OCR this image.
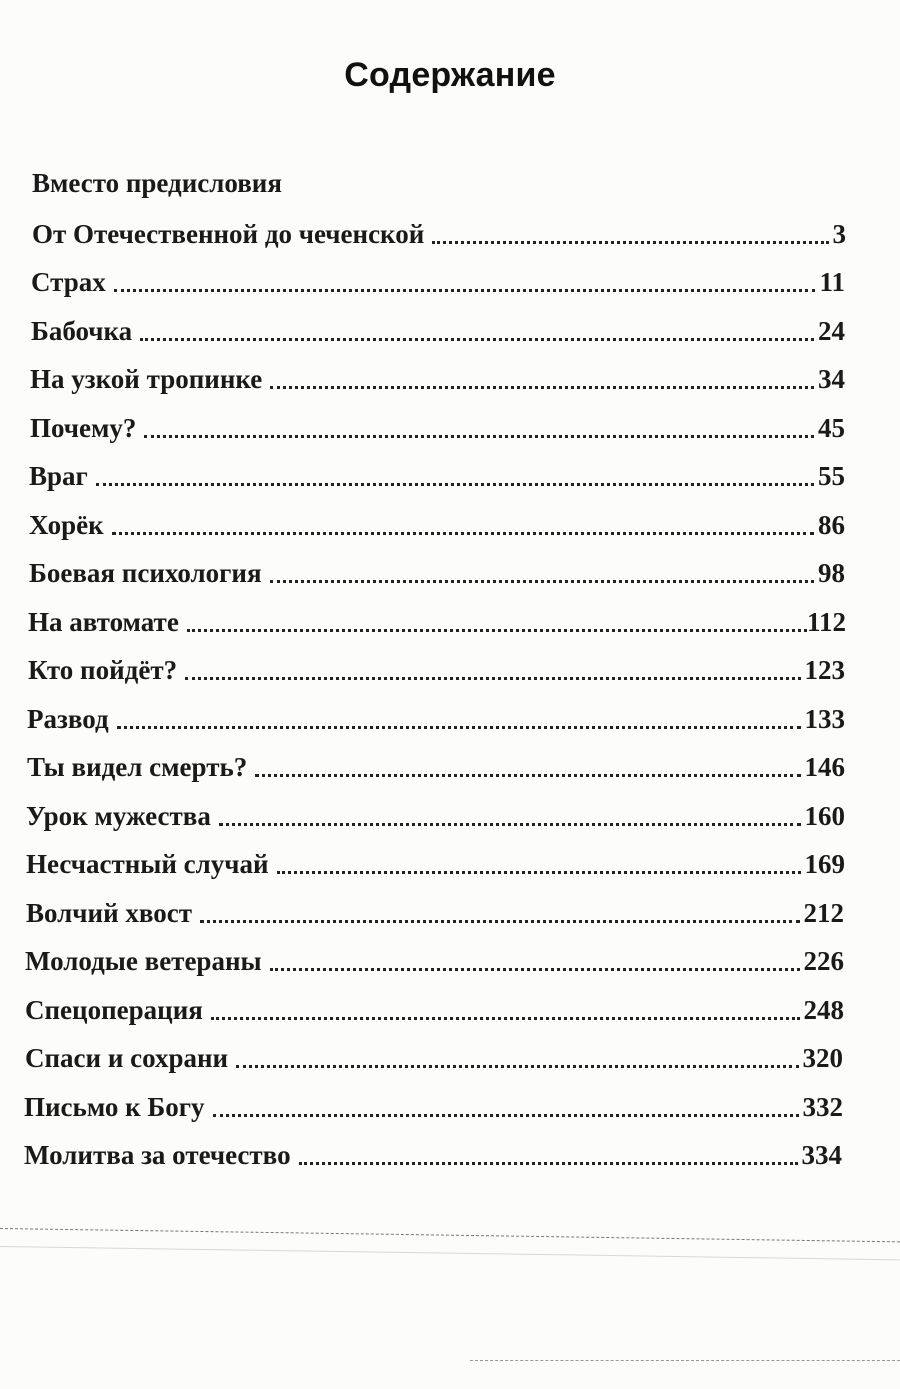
Содержание
Вместо предисловия
От Отечественной до чеченской	3
Страх	11
Бабочка	24
На узкой тропинке	34
Почему?	45
Враг	55
Хорёк	86
Боевая психология	98
На автомате	112
Кто пойдёт?	123
Развод	133
Ты видел смерть?	146
Урок мужества	160
Несчастный случай	169
Волчий хвост	212
Молодые ветераны	226
Спецоперация	248
Спаси и сохрани	320
Письмо к Богу	332
Молитва за отечество	334
